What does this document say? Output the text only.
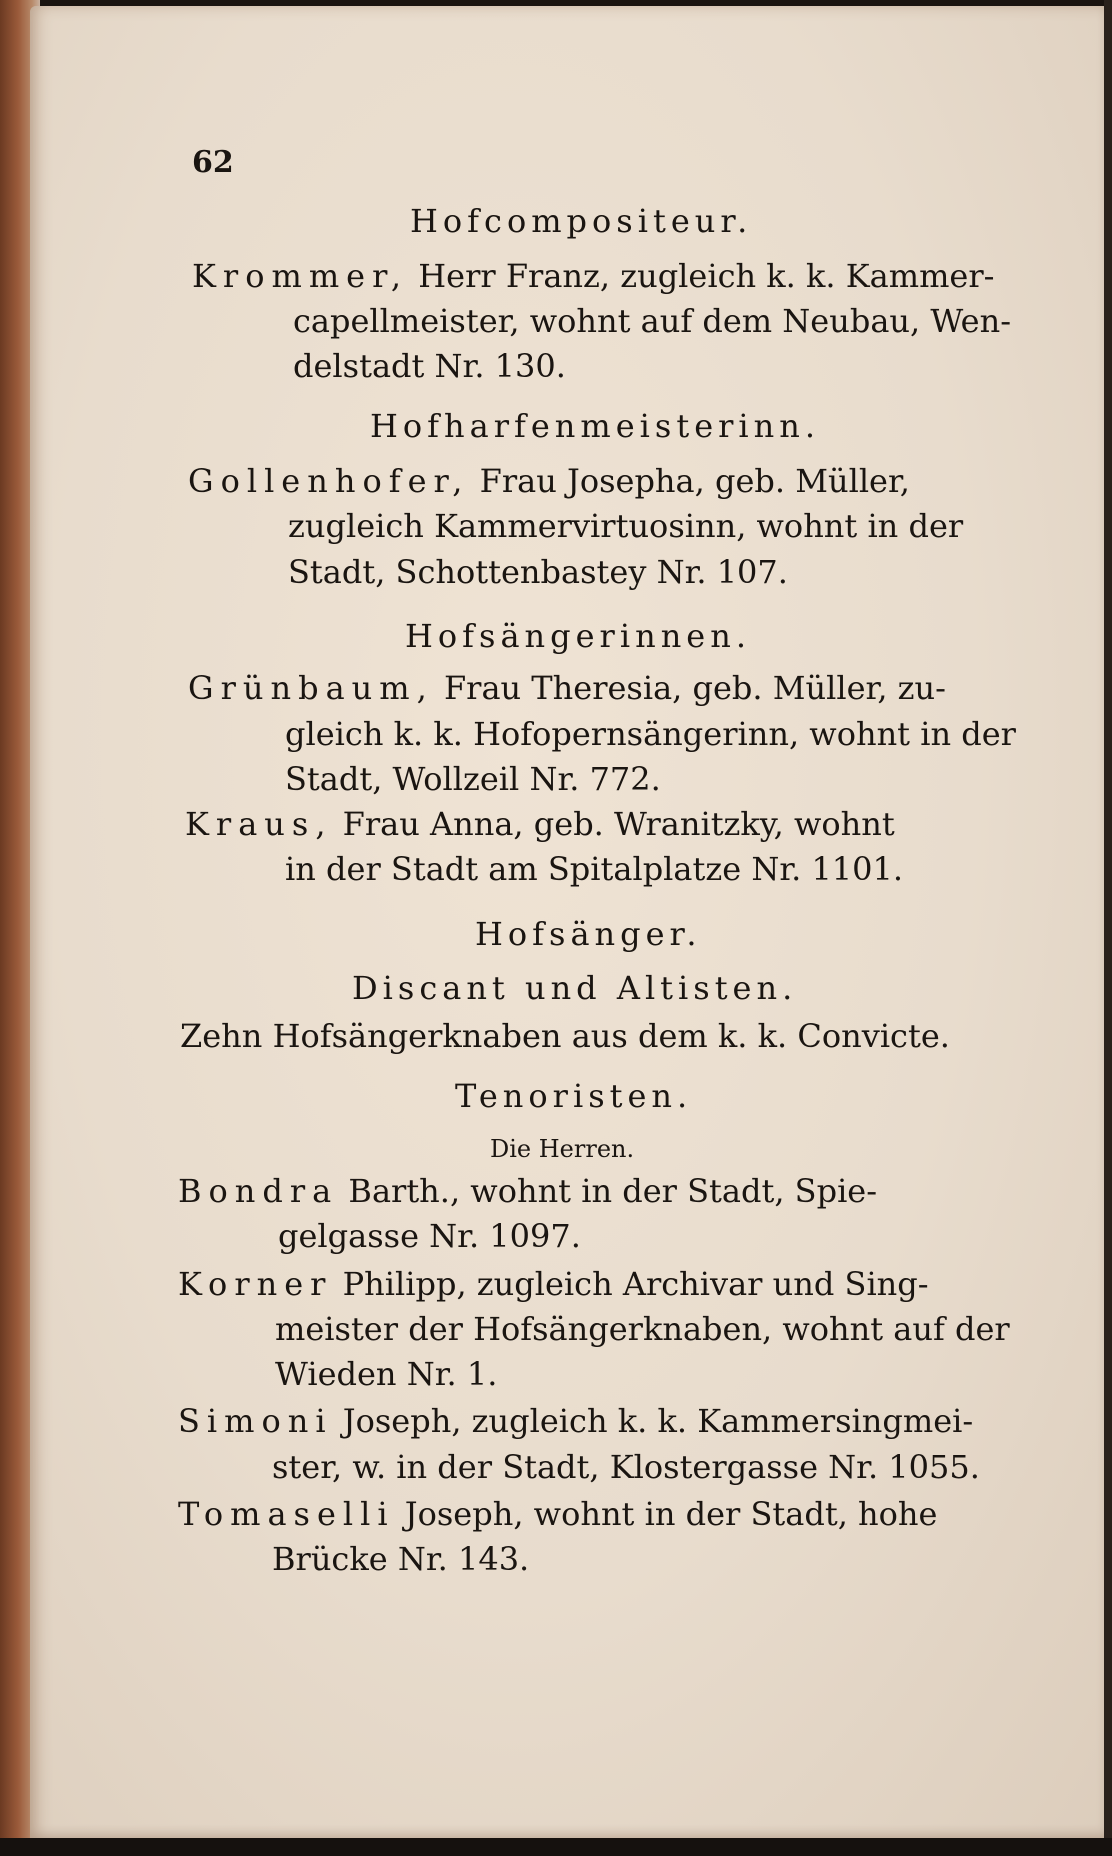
62
Hofcompositeur.
Krommer, Herr Franz, zugleich k. k. Kammer-
capellmeister, wohnt auf dem Neubau, Wen-
delstadt Nr. 130.
Hofharfenmeisterinn.
Gollenhofer, Frau Josepha, geb. Müller,
zugleich Kammervirtuosinn, wohnt in der
Stadt, Schottenbastey Nr. 107.
Hofsängerinnen.
Grünbaum, Frau Theresia, geb. Müller, zu-
gleich k. k. Hofopernsängerinn, wohnt in der
Stadt, Wollzeil Nr. 772.
Kraus, Frau Anna, geb. Wranitzky, wohnt
in der Stadt am Spitalplatze Nr. 1101.
Hofsänger.
Discant und Altisten.
Zehn Hofsängerknaben aus dem k. k. Convicte.
Tenoristen.
Die Herren.
Bondra Barth., wohnt in der Stadt, Spie-
gelgasse Nr. 1097.
Korner Philipp, zugleich Archivar und Sing-
meister der Hofsängerknaben, wohnt auf der
Wieden Nr. 1.
Simoni Joseph, zugleich k. k. Kammersingmei-
ster, w. in der Stadt, Klostergasse Nr. 1055.
Tomaselli Joseph, wohnt in der Stadt, hohe
Brücke Nr. 143.
